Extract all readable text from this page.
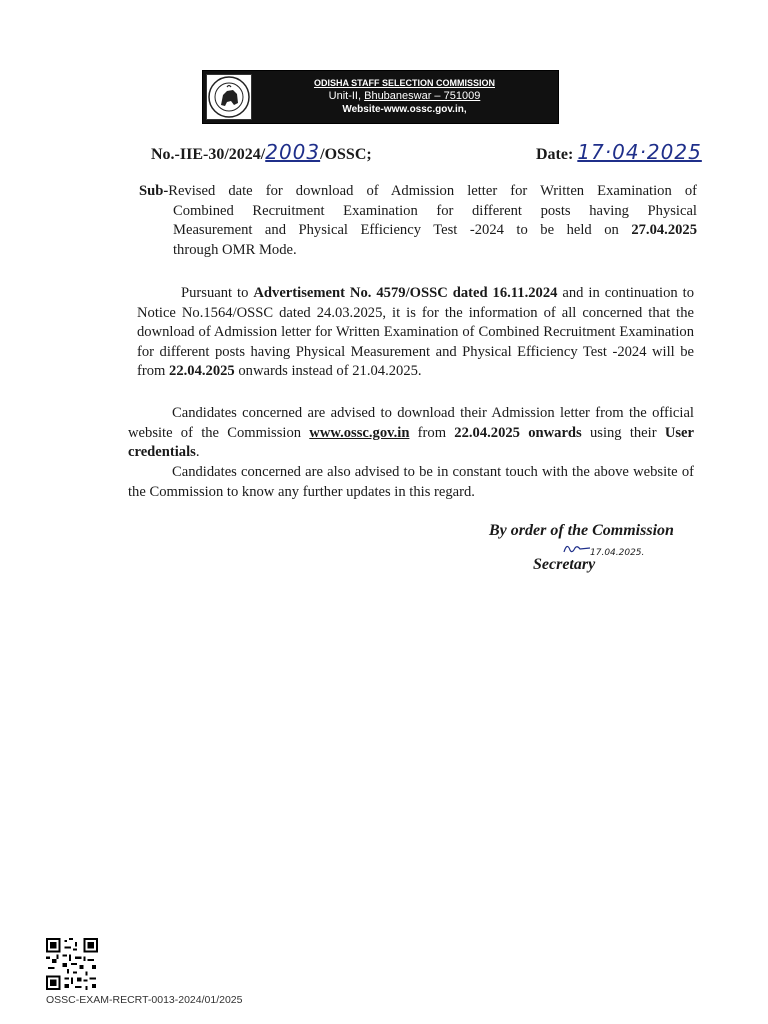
ODISHA STAFF SELECTION COMMISSION
Unit-II, Bhubaneswar – 751009
Website-www.ossc.gov.in,
No.-IIE-30/2024/2003/OSSC;	Date: 17·04·2025
Sub- Revised date for download of Admission letter for Written Examination of
Combined Recruitment Examination for different posts having Physical
Measurement and Physical Efficiency Test -2024 to be held on 27.04.2025
through OMR Mode.
Pursuant to Advertisement No. 4579/OSSC dated 16.11.2024 and in continuation to Notice No.1564/OSSC dated 24.03.2025, it is for the information of all concerned that the download of Admission letter for Written Examination of Combined Recruitment Examination for different posts having Physical Measurement and Physical Efficiency Test -2024 will be from 22.04.2025 onwards instead of 21.04.2025.
Candidates concerned are advised to download their Admission letter from the official website of the Commission www.ossc.gov.in from 22.04.2025 onwards using their User credentials.
Candidates concerned are also advised to be in constant touch with the above website of the Commission to know any further updates in this regard.
By order of the Commission
17.04.2025.
Secretary
OSSC-EXAM-RECRT-0013-2024/01/2025
